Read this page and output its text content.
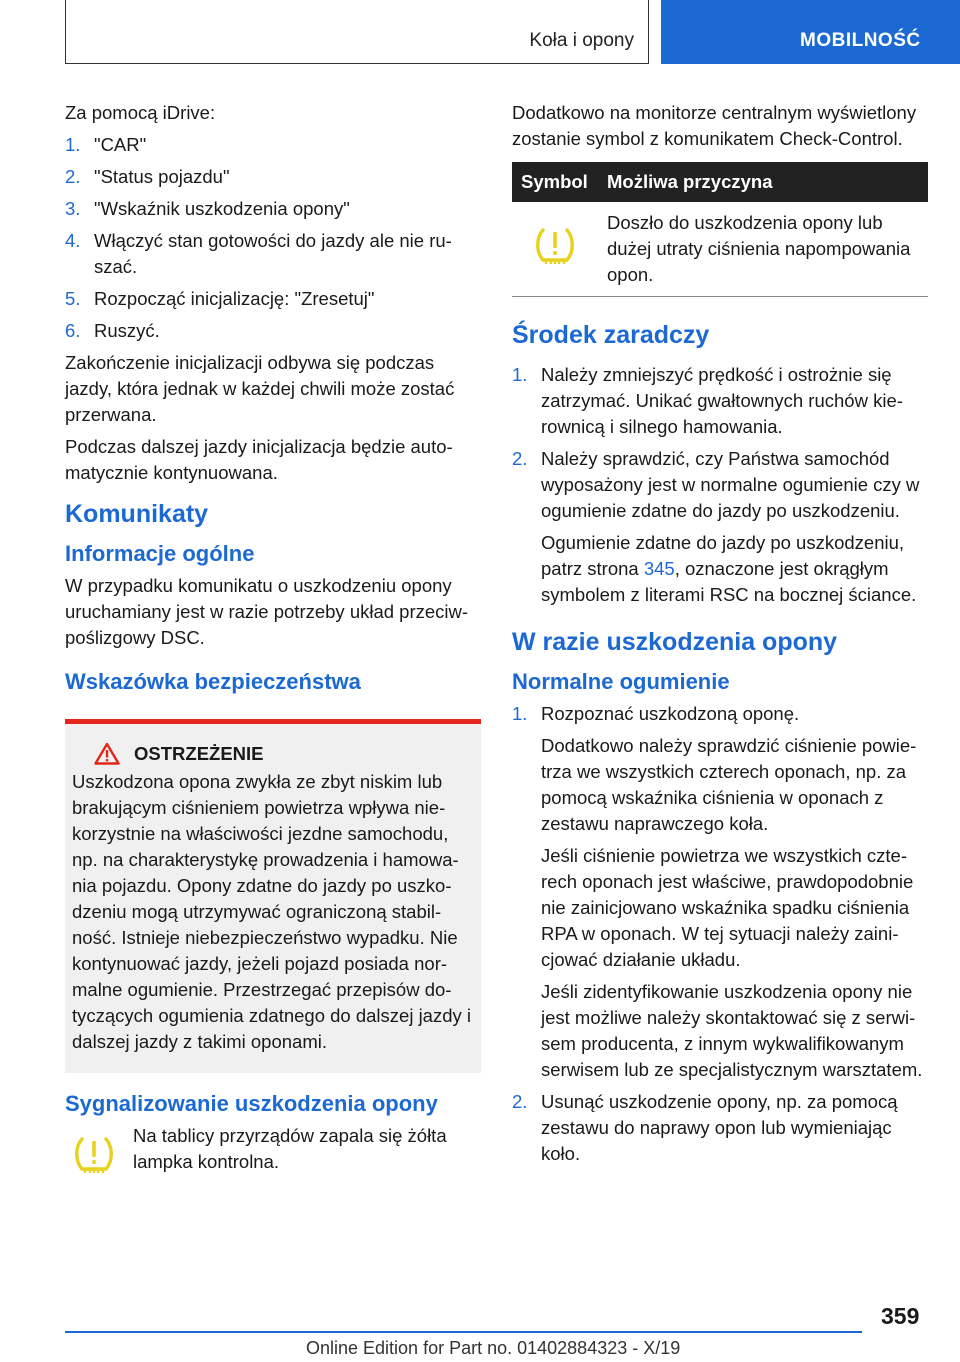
Koła i opony	MOBILNOŚĆ

Za pomocą iDrive:

1. "CAR"
2. "Status pojazdu"
3. "Wskaźnik uszkodzenia opony"
4. Włączyć stan gotowości do jazdy ale nie ruszać.
5. Rozpocząć inicjalizację: "Zresetuj"
6. Ruszyć.

Zakończenie inicjalizacji odbywa się podczas jazdy, która jednak w każdej chwili może zostać przerwana.

Podczas dalszej jazdy inicjalizacja będzie automatycznie kontynuowana.

Komunikaty
Informacje ogólne

W przypadku komunikatu o uszkodzeniu opony uruchamiany jest w razie potrzeby układ przeciwpoślizgowy DSC.

Wskazówka bezpieczeństwa
OSTRZEŻENIE

Uszkodzona opona zwykła ze zbyt niskim lub brakującym ciśnieniem powietrza wpływa niekorzystnie na właściwości jezdne samochodu, np. na charakterystykę prowadzenia i hamowania pojazdu. Opony zdatne do jazdy po uszkodzeniu mogą utrzymywać ograniczoną stabilność. Istnieje niebezpieczeństwo wypadku. Nie kontynuować jazdy, jeżeli pojazd posiada normalne ogumienie. Przestrzegać przepisów dotyczących ogumienia zdatnego do dalszej jazdy i dalszej jazdy z takimi oponami.

Sygnalizowanie uszkodzenia opony

Na tablicy przyrządów zapala się żółta lampka kontrolna.

Dodatkowo na monitorze centralnym wyświetlony zostanie symbol z komunikatem Check-Control.

Symbol	Możliwa przyczyna
	Doszło do uszkodzenia opony lub dużej utraty ciśnienia napompowania opon.
Środek zaradczy
1. Należy zmniejszyć prędkość i ostrożnie się zatrzymać. Unikać gwałtownych ruchów kierownicą i silnego hamowania.
2. Należy sprawdzić, czy Państwa samochód wyposażony jest w normalne ogumienie czy w ogumienie zdatne do jazdy po uszkodzeniu.
Ogumienie zdatne do jazdy po uszkodzeniu, patrz strona 345, oznaczone jest okrągłym symbolem z literami RSC na bocznej ściance.
W razie uszkodzenia opony
Normalne ogumienie
1. Rozpoznać uszkodzoną oponę.
Dodatkowo należy sprawdzić ciśnienie powietrza we wszystkich czterech oponach, np. za pomocą wskaźnika ciśnienia w oponach z zestawu naprawczego koła.
Jeśli ciśnienie powietrza we wszystkich czterech oponach jest właściwe, prawdopodobnie nie zainicjowano wskaźnika spadku ciśnienia RPA w oponach. W tej sytuacji należy zainicjować działanie układu.
Jeśli zidentyfikowanie uszkodzenia opony nie jest możliwe należy skontaktować się z serwisem producenta, z innym wykwalifikowanym serwisem lub ze specjalistycznym warsztatem.
2. Usunąć uszkodzenie opony, np. za pomocą zestawu do naprawy opon lub wymieniając koło.
359
Online Edition for Part no. 01402884323 - X/19
